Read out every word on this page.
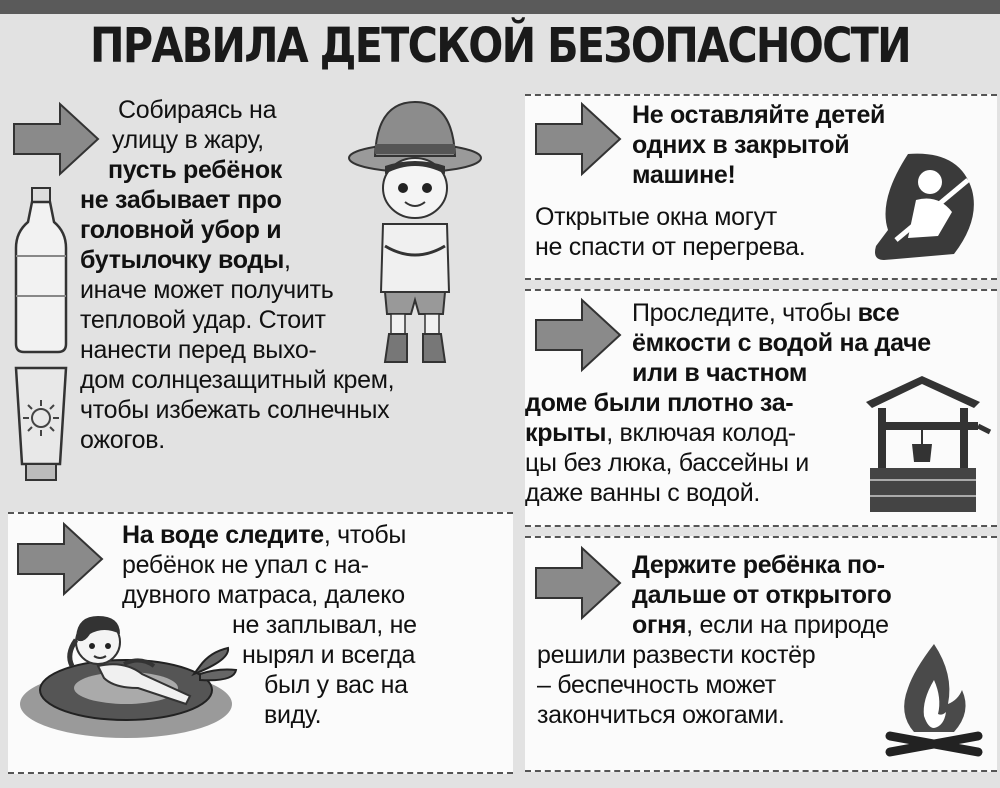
ПРАВИЛА ДЕТСКОЙ БЕЗОПАСНОСТИ
Собираясь на
улицу в жару,
пусть ребёнок
не забывает про
головной убор и
бутылочку воды,
иначе может получить
тепловой удар. Стоит
нанести перед выхо-
дом солнцезащитный крем,
чтобы избежать солнечных
ожогов.
Не оставляйте детей
одних в закрытой
машине!
Открытые окна могут
не спасти от перегрева.
Проследите, чтобы все
ёмкости с водой на даче
или в частном
доме были плотно за-
крыты, включая колод-
цы без люка, бассейны и
даже ванны с водой.
На воде следите, чтобы
ребёнок не упал с на-
дувного матраса, далеко
не заплывал, не
нырял и всегда
был у вас на
виду.
Держите ребёнка по-
дальше от открытого
огня, если на природе
решили развести костёр
– беспечность может
закончиться ожогами.
